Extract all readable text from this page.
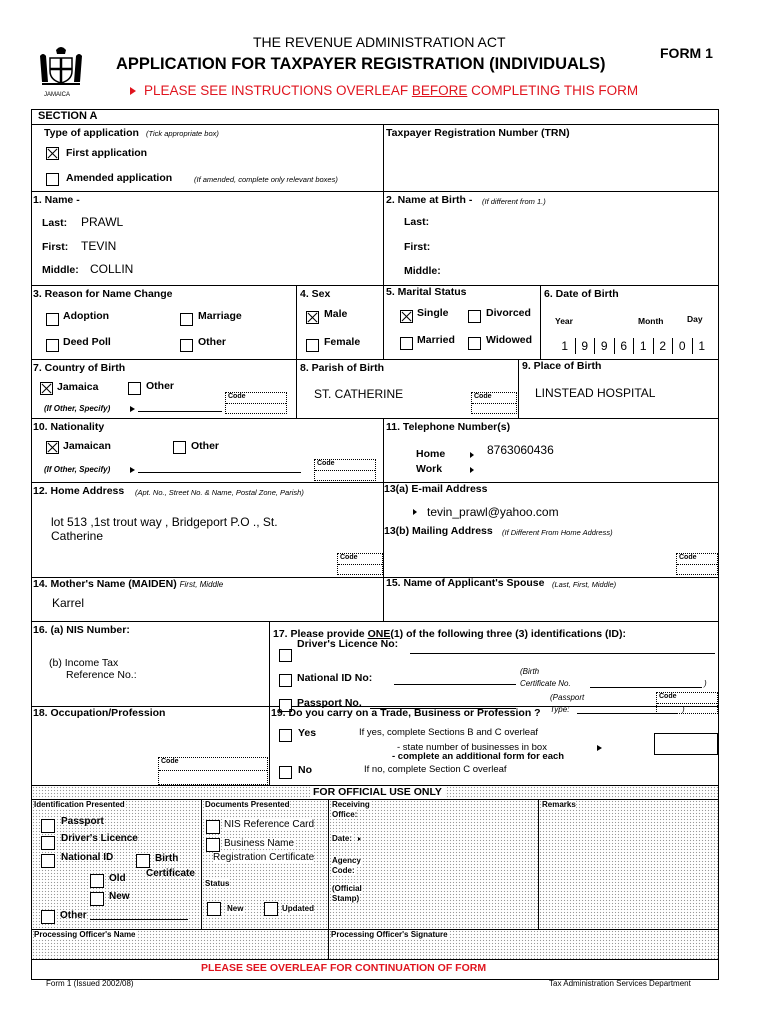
JAMAICA
THE REVENUE ADMINISTRATION ACT
APPLICATION FOR TAXPAYER REGISTRATION (INDIVIDUALS)
FORM 1
PLEASE SEE INSTRUCTIONS OVERLEAF BEFORE COMPLETING THIS FORM
SECTION A
Type of application (Tick appropriate box)
First application
Amended application	(If amended, complete only relevant boxes)
Taxpayer Registration Number (TRN)
1. Name -
Last: PRAWL
First: TEVIN
Middle: COLLIN
2. Name at Birth - (If different from 1.)
Last:
First:
Middle:
3. Reason for Name Change
Adoption	Marriage
Deed Poll	Other
4. Sex
Male
Female
5. Marital Status
Single	Divorced
Married	Widowed
6. Date of Birth
Year	Month	Day
1	9	9	6	1	2	0	1
7. Country of Birth
Jamaica	Other
(If Other, Specify)
Code
8. Parish of Birth
ST. CATHERINE	Code
9. Place of Birth
LINSTEAD HOSPITAL
10. Nationality
Jamaican	Other
(If Other, Specify)
Code
11. Telephone Number(s)
Home	8763060436
Work
12. Home Address (Apt. No., Street No. & Name, Postal Zone, Parish)
lot 513 ,1st trout way , Bridgeport P.O ., St.
Catherine
Code
13(a) E-mail Address
tevin_prawl@yahoo.com
13(b) Mailing Address (If Different From Home Address)
Code
14. Mother's Name (MAIDEN) First, Middle
Karrel
15. Name of Applicant's Spouse (Last, First, Middle)
16. (a) NIS Number:
(b) Income Tax
Reference No.:
17. Please provide ONE(1) of the following three (3) identifications (ID):
Driver's Licence No:
National ID No:
(Birth
Certificate No.	)
Passport No.	(Passport
Type:	)
Code
18. Occupation/Profession
Code
19. Do you carry on a Trade, Business or Profession ?
Yes	If yes, complete Sections B and C overleaf
- state number of businesses in box
- complete an additional form for each
No	If no, complete Section C overleaf
FOR OFFICIAL USE ONLY
Identification Presented
Passport
Driver's Licence
National ID	Birth
Certificate
Old
New
Other
Documents Presented
NIS Reference Card
Business Name
Registration Certificate
Status
New	Updated
Receiving
Office:
Date:
Agency
Code:
(Official
Stamp)
Remarks
Processing Officer's Name	Processing Officer's Signature
PLEASE SEE OVERLEAF FOR CONTINUATION OF FORM
Form 1 (Issued 2002/08)	Tax Administration Services Department
